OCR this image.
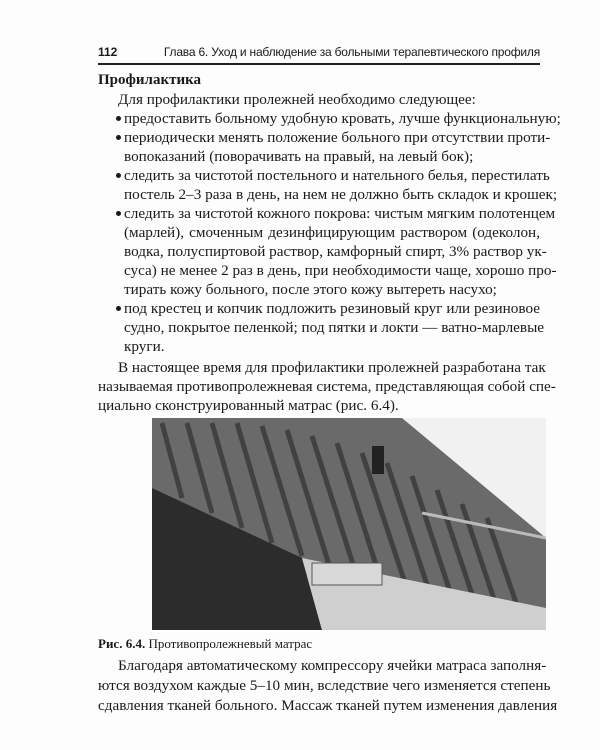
112	Глава 6. Уход и наблюдение за больными терапевтического профиля
Профилактика
Для профилактики пролежней необходимо следующее:
предоставить больному удобную кровать, лучше функциональную;
периодически менять положение больного при отсутствии проти-
вопоказаний (поворачивать на правый, на левый бок);
следить за чистотой постельного и нательного белья, перестилать
постель 2–3 раза в день, на нем не должно быть складок и крошек;
следить за чистотой кожного покрова: чистым мягким полотенцем
(марлей), смоченным дезинфицирующим раствором (одеколон,
водка, полуспиртовой раствор, камфорный спирт, 3% раствор ук-
суса) не менее 2 раз в день, при необходимости чаще, хорошо про-
тирать кожу больного, после этого кожу вытереть насухо;
под крестец и копчик подложить резиновый круг или резиновое
судно, покрытое пеленкой; под пятки и локти — ватно-марлевые
круги.
В настоящее время для профилактики пролежней разработана так
называемая противопролежневая система, представляющая собой спе-
циально сконструированный матрас (рис. 6.4).
Рис. 6.4. Противопролежневый матрас
Благодаря автоматическому компрессору ячейки матраса заполня-
ются воздухом каждые 5–10 мин, вследствие чего изменяется степень
сдавления тканей больного. Массаж тканей путем изменения давления
